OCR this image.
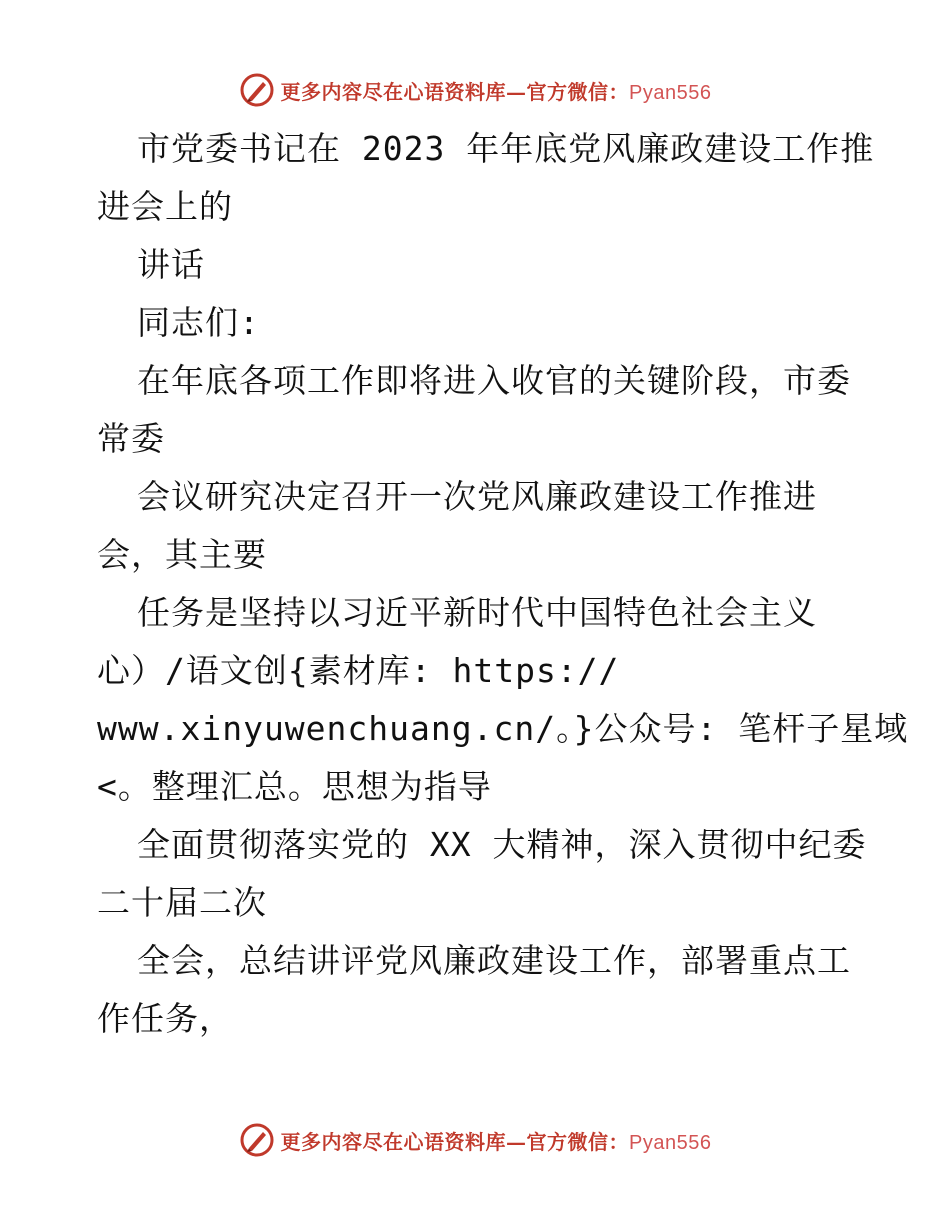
更多内容尽在心语资料库—官方微信：Pyan556
市党委书记在 2023 年年底党风廉政建设工作推
进会上的
讲话
同志们:
在年底各项工作即将进入收官的关键阶段，市委
常委
会议研究决定召开一次党风廉政建设工作推进
会，其主要
任务是坚持以习近平新时代中国特色社会主义
心）/语文创{素材库: https://
www.xinyuwenchuang.cn/。}公众号: 笔杆子星域
<。整理汇总。思想为指导
全面贯彻落实党的 XX 大精神，深入贯彻中纪委
二十届二次
全会，总结讲评党风廉政建设工作，部署重点工
作任务，
更多内容尽在心语资料库—官方微信：Pyan556
